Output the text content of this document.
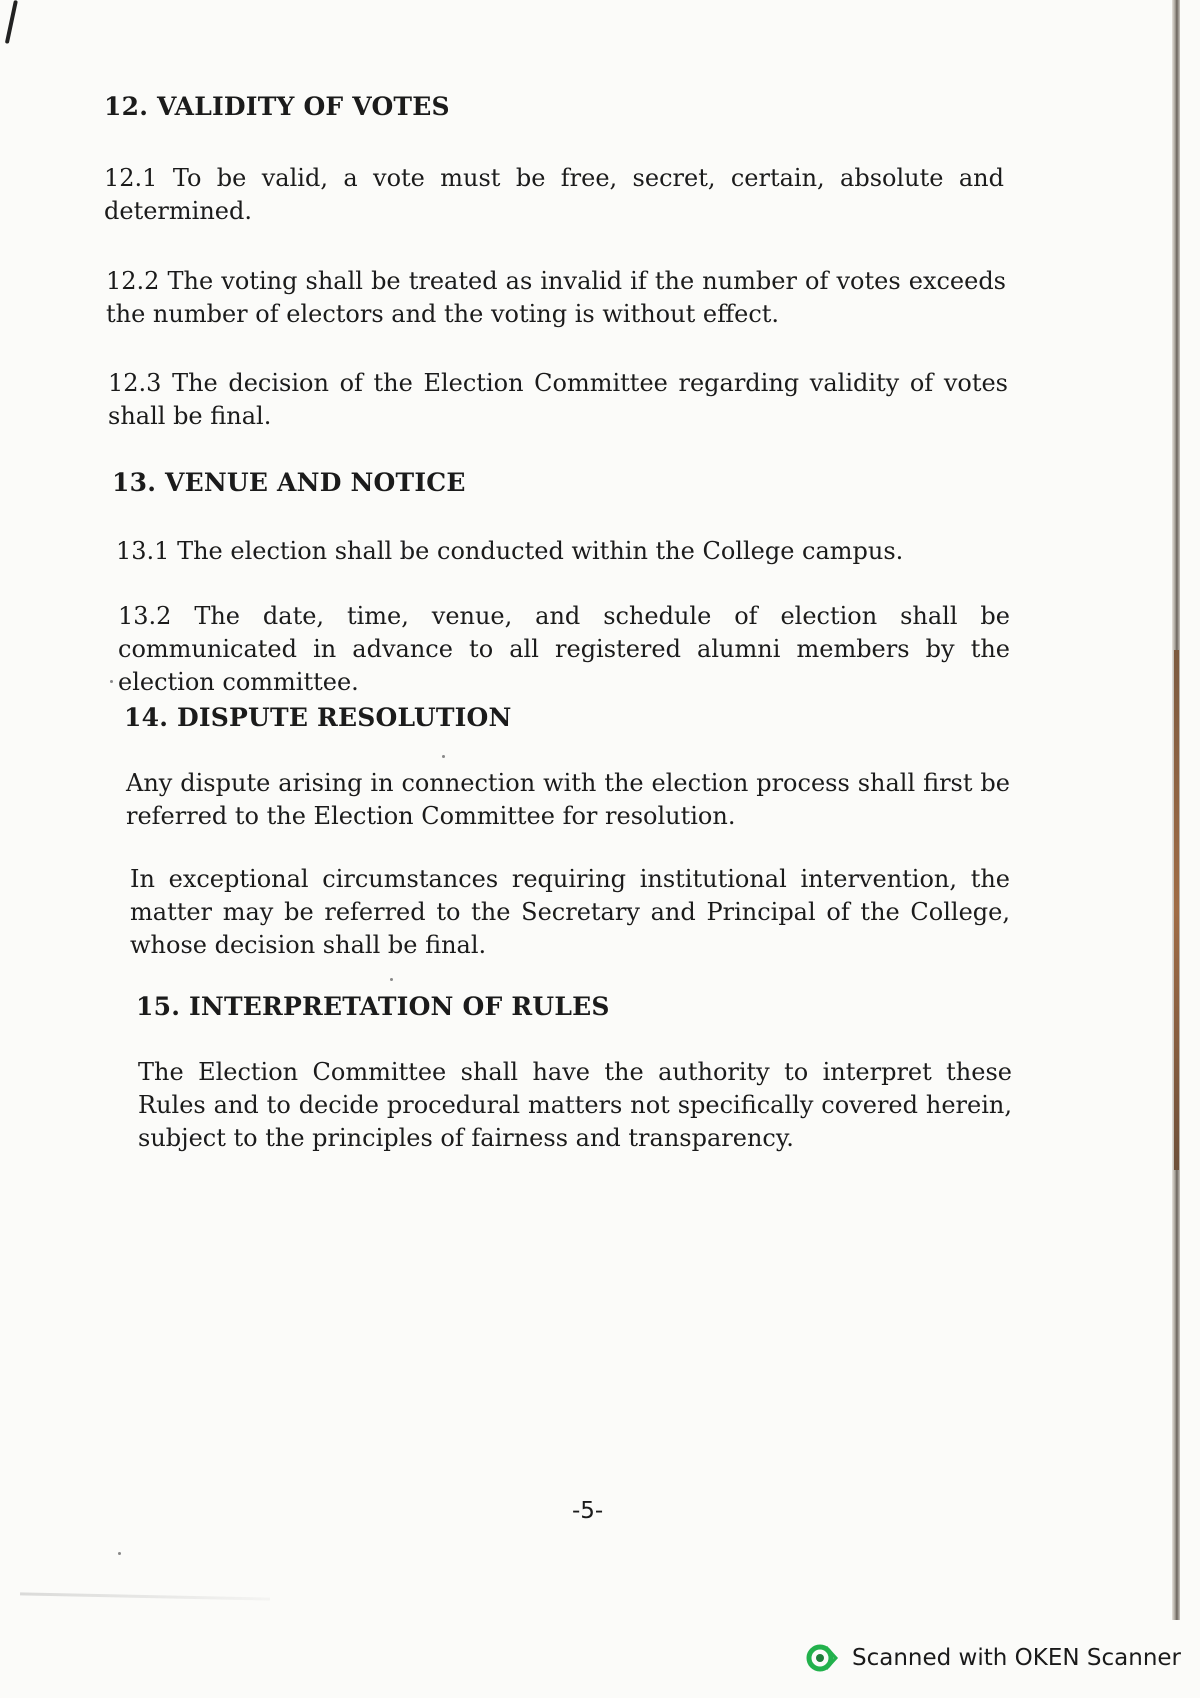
12. VALIDITY OF VOTES

12.1 To be valid, a vote must be free, secret, certain, absolute and determined.

12.2 The voting shall be treated as invalid if the number of votes exceeds the number of electors and the voting is without effect.

12.3 The decision of the Election Committee regarding validity of votes shall be final.

13. VENUE AND NOTICE

13.1 The election shall be conducted within the College campus.

13.2 The date, time, venue, and schedule of election shall be communicated in advance to all registered alumni members by the election committee.

14. DISPUTE RESOLUTION

Any dispute arising in connection with the election process shall first be referred to the Election Committee for resolution.

In exceptional circumstances requiring institutional intervention, the matter may be referred to the Secretary and Principal of the College, whose decision shall be final.

15. INTERPRETATION OF RULES

The Election Committee shall have the authority to interpret these Rules and to decide procedural matters not specifically covered herein, subject to the principles of fairness and transparency.

-5-
Scanned with OKEN Scanner
